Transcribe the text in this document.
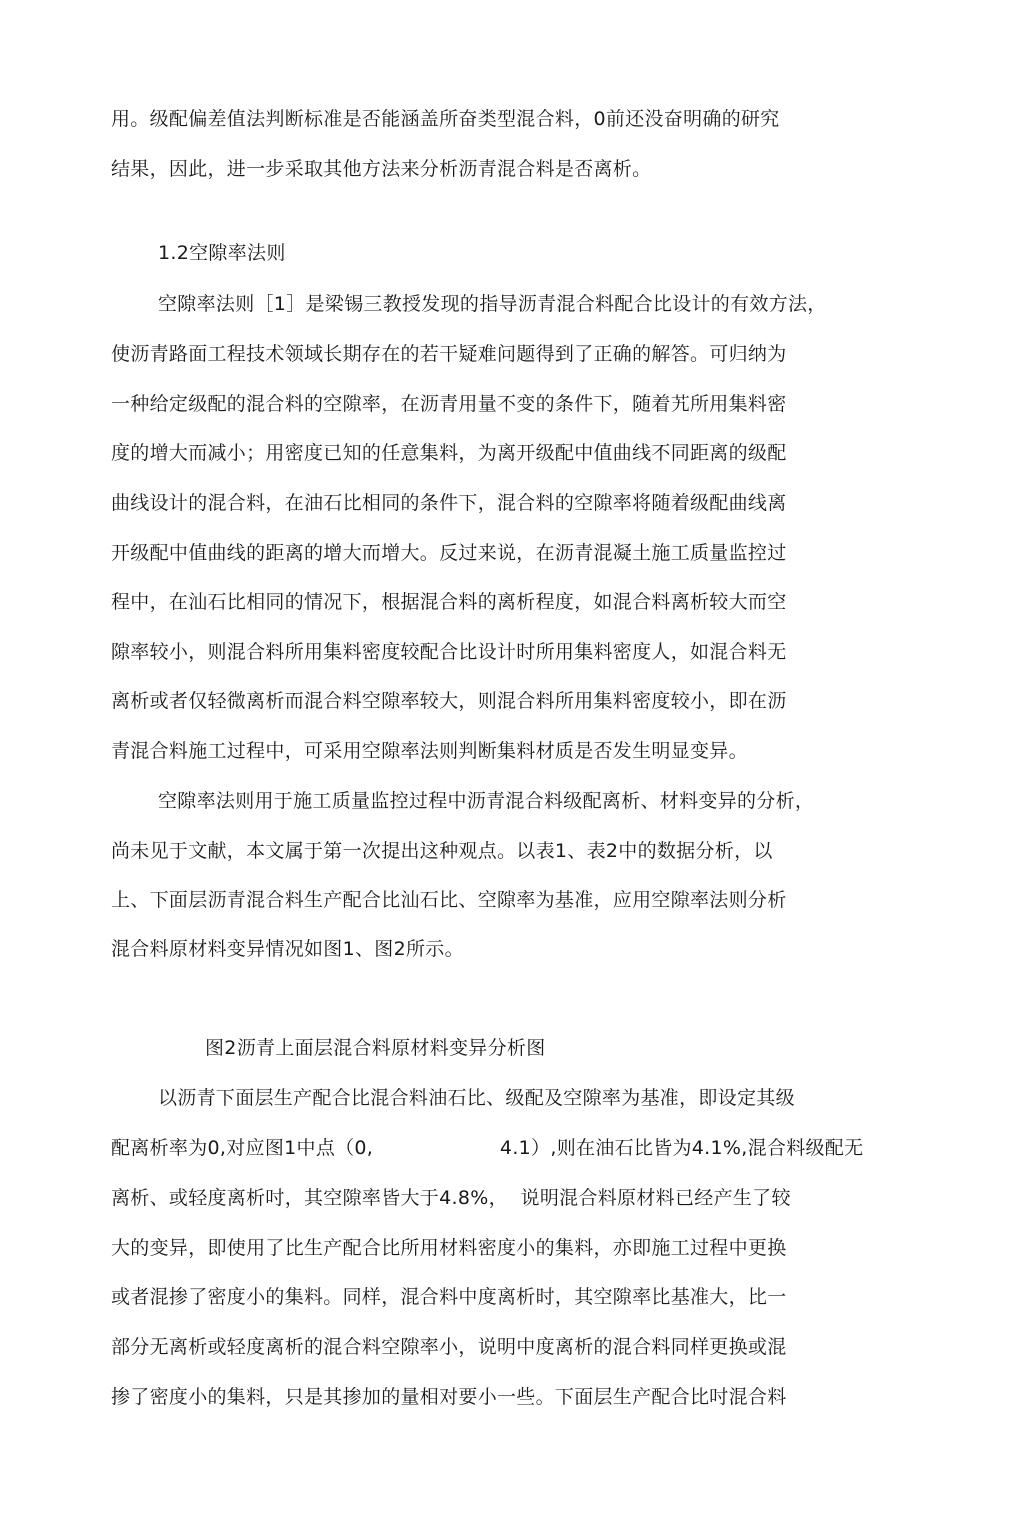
用。级配偏差值法判断标准是否能涵盖所奋类型混合料，0前还没奋明确的研究
结果，因此，进一步采取其他方法来分析沥青混合料是否离析。
1.2空隙率法则
空隙率法则［1］是梁锡三教授发现的指导沥青混合料配合比设计的有效方法，
使沥青路面工程技术领域长期存在的若干疑难问题得到了正确的解答。可归纳为
一种给定级配的混合料的空隙率，在沥青用量不变的条件下，随着艽所用集料密
度的增大而减小；用密度已知的任意集料，为离开级配中值曲线不同距离的级配
曲线设计的混合料，在油石比相同的条件下，混合料的空隙率将随着级配曲线离
开级配中值曲线的距离的增大而增大。反过来说，在沥青混凝土施工质量监控过
程中，在汕石比相同的情况下，根据混合料的离析程度，如混合料离析较大而空
隙率较小，则混合料所用集料密度较配合比设计时所用集料密度人，如混合料无
离析或者仅轻微离析而混合料空隙率较大，则混合料所用集料密度较小，即在沥
青混合料施工过程中，可采用空隙率法则判断集料材质是否发生明显变异。
空隙率法则用于施工质量监控过程中沥青混合料级配离析、材料变异的分析，
尚未见于文献，本文属于第一次提出这种观点。以表1、表2中的数据分析，以
上、下面层沥青混合料生产配合比汕石比、空隙率为基准，应用空隙率法则分析
混合料原材料变异情况如图1、图2所示。
图2沥青上面层混合料原材料变异分析图
以沥青下面层生产配合比混合料油石比、级配及空隙率为基准，即设定其级
配离析率为0,对应图1中点（0,                    4.1）,则在油石比皆为4.1%,混合料级配无
离析、或轻度离析吋，其空隙率皆大于4.8%，  说明混合料原材料已经产生了较
大的变异，即使用了比生产配合比所用材料密度小的集料，亦即施工过程中更换
或者混掺了密度小的集料。同样，混合料中度离析时，其空隙率比基准大，比一
部分无离析或轻度离析的混合料空隙率小，说明中度离析的混合料同样更换或混
掺了密度小的集料，只是其掺加的量相对要小一些。下面层生产配合比吋混合料
